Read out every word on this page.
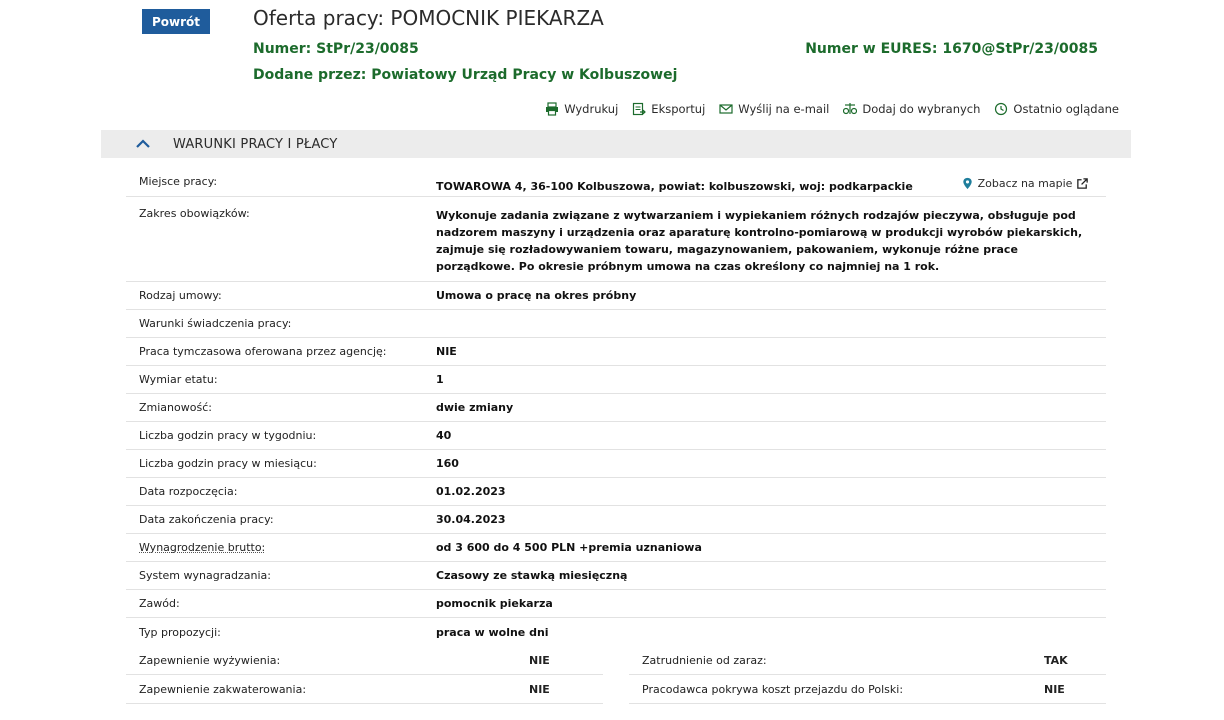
Powrót	Oferta pracy: POMOCNIK PIEKARZA
Numer: StPr/23/0085	Numer w EURES: 1670@StPr/23/0085
Dodane przez: Powiatowy Urząd Pracy w Kolbuszowej
Wydrukuj	Eksportuj	Wyślij na e-mail	Dodaj do wybranych	Ostatnio oglądane
WARUNKI PRACY I PŁACY
Miejsce pracy:	TOWAROWA 4, 36-100 Kolbuszowa, powiat: kolbuszowski, woj: podkarpackie	Zobacz na mapie
Zakres obowiązków:	Wykonuje zadania związane z wytwarzaniem i wypiekaniem różnych rodzajów pieczywa, obsługuje pod nadzorem maszyny i urządzenia oraz aparaturę kontrolno-pomiarową w produkcji wyrobów piekarskich, zajmuje się rozładowywaniem towaru, magazynowaniem, pakowaniem, wykonuje różne prace porządkowe. Po okresie próbnym umowa na czas określony co najmniej na 1 rok.
Rodzaj umowy:	Umowa o pracę na okres próbny
Warunki świadczenia pracy:
Praca tymczasowa oferowana przez agencję:	NIE
Wymiar etatu:	1
Zmianowość:	dwie zmiany
Liczba godzin pracy w tygodniu:	40
Liczba godzin pracy w miesiącu:	160
Data rozpoczęcia:	01.02.2023
Data zakończenia pracy:	30.04.2023
Wynagrodzenie brutto:	od 3 600 do 4 500 PLN +premia uznaniowa
System wynagradzania:	Czasowy ze stawką miesięczną
Zawód:	pomocnik piekarza
Typ propozycji:	praca w wolne dni
Zapewnienie wyżywienia:	NIE
Zapewnienie zakwaterowania:	NIE
Zatrudnienie od zaraz:	TAK
Pracodawca pokrywa koszt przejazdu do Polski:	NIE
